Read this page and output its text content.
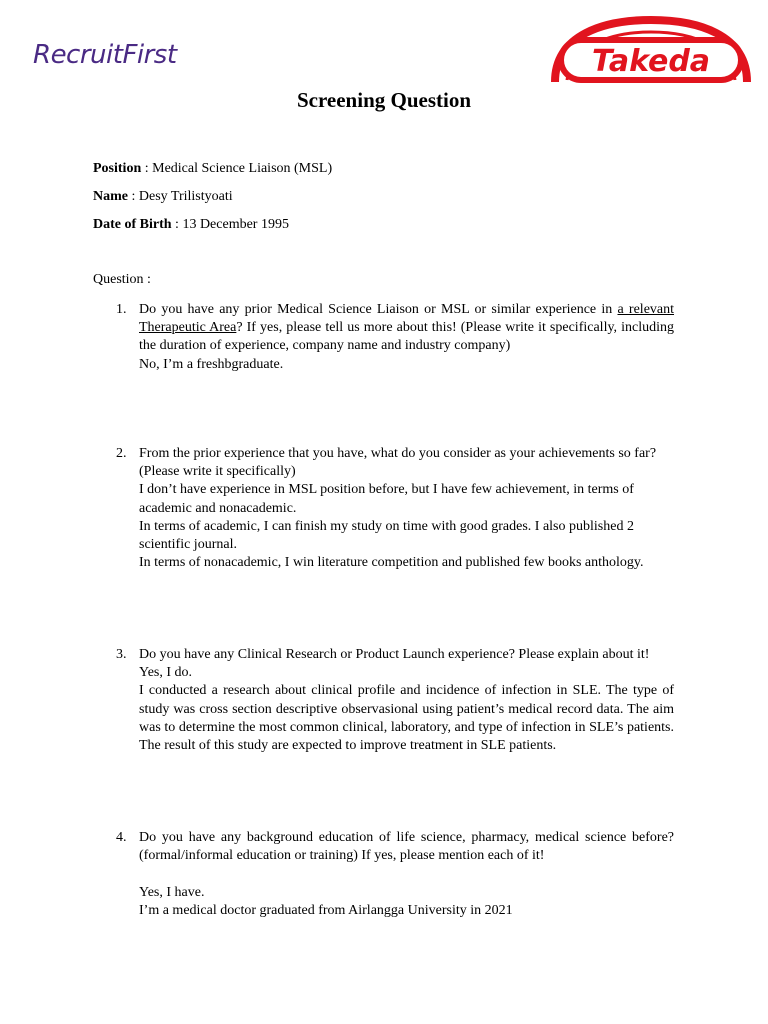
RecruitFirst	Takeda
Screening Question
Position : Medical Science Liaison (MSL)
Name : Desy Trilistyoati
Date of Birth : 13 December 1995
Question :
1. Do you have any prior Medical Science Liaison or MSL or similar experience in a relevant Therapeutic Area? If yes, please tell us more about this! (Please write it specifically, including the duration of experience, company name and industry company)
No, I’m a freshbgraduate.
2. From the prior experience that you have, what do you consider as your achievements so far? (Please write it specifically)
I don’t have experience in MSL position before, but I have few achievement, in terms of academic and nonacademic.
In terms of academic, I can finish my study on time with good grades. I also published 2 scientific journal.
In terms of nonacademic, I win literature competition and published few books anthology.
3. Do you have any Clinical Research or Product Launch experience? Please explain about it!
Yes, I do.
I conducted a research about clinical profile and incidence of infection in SLE. The type of study was cross section descriptive observasional using patient’s medical record data. The aim was to determine the most common clinical, laboratory, and type of infection in SLE’s patients. The result of this study are expected to improve treatment in SLE patients.
4. Do you have any background education of life science, pharmacy, medical science before? (formal/informal education or training) If yes, please mention each of it!
Yes, I have.
I’m a medical doctor graduated from Airlangga University in 2021
